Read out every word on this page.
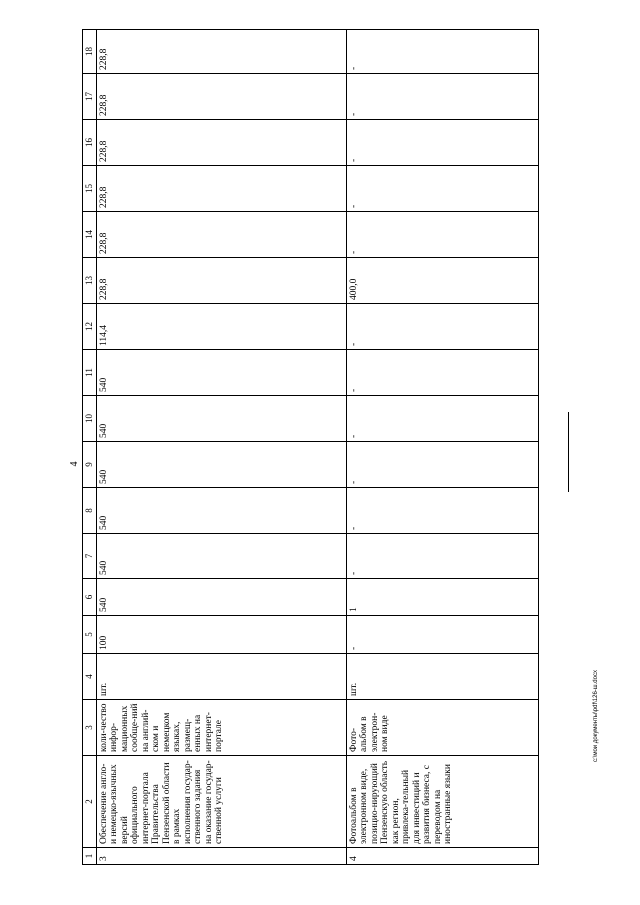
4
c:\мои документы\pdf\126-ш.docx
1	2	3	4	5	6	7	8	9	10	11	12	13	14	15	16	17	18
3	Обеспечение англо- и немецко-язычных версий официального интернет-портала Правительства Пензенской области в рамках исполнения государ-ственного задания на оказание государ-ственной услуги	коли-чество инфор-мационных сообще-ний на англий-ском и немецком языках, размещ-енных на интернет-портале	шт.	100	540	540	540	540	540	540	114,4	228,8	228,8	228,8	228,8	228,8	228,8
4	Фотоальбом в электронном виде, позицио-нирующий Пензенскую область как регион, привлека-тельный для инвестиций и развития бизнеса, с переводом на иностранные языки	Фото-альбом в электрон-ном виде	шт.	-	1	-	-	-	-	-	-	400,0	-	-	-	-	-
